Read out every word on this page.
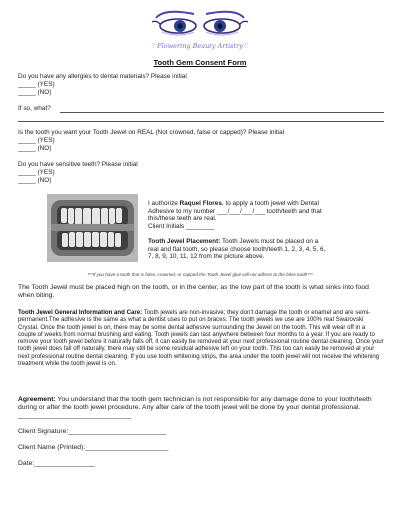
♡Flowering Beauty Artistry♡
Tooth Gem Consent Form
Do you have any allergies to dental materials? Please initial
_____ (YES)
_____ (NO)
If so, what?
Is the tooth you want your Tooth Jewel on REAL (Not crowned, false or capped)? Please initial
_____ (YES)
_____ (NO)
Do you have sensitive teeth? Please initial
_____ (YES)
_____ (NO)
I authorize Raquel Flores, to apply a tooth jewel with Dental
Adhesive to my number ___/___/___/___ tooth/teeth and that
this/these teeth are real.
Client Initials ________
Tooth Jewel Placement: Tooth Jewels must be placed on a
real and flat tooth, so please choose tooth/teeth 1, 2, 3, 4, 5, 6,
7, 8, 9, 10, 11, 12 from the picture above.
***If you have a tooth that is false, crowned, or capped the Tooth Jewel glue will not adhere to the false tooth***
The Tooth Jewel must be placed high on the tooth, or in the center, as the low part of the tooth is what sinks into food when biting.
Tooth Jewel General Information and Care: Tooth jewels are non-invasive; they don't damage the tooth or enamel and are semi-permanent.The adhesive is the same as what a dentist uses to put on braces. The tooth jewels we use are 100% real Swarovski Crystal. Once the tooth jewel is on, there may be some dental adhesive surrounding the Jewel on the tooth. This will wear off in a couple of weeks from normal brushing and eating. Tooth jewels can last anywhere between four months to a year. If you are ready to remove your tooth jewel before it naturally falls off, it can easily be removed at your next professional routine dental cleaning. Once your tooth jewel does fall off naturally, there may still be some residual adhesive left on your tooth. This too can easily be removed at your next professional routine dental cleaning. If you use tooth whitening strips, the area under the tooth jewel will not receive the whitening treatment while the tooth jewel is on.
Agreement: You understand that the tooth gem technician is not responsible for any damage done to your tooth/teeth during or after the tooth jewel procedure. Any after care of the tooth jewel will be done by your dental professional. ______________________________
Client Signature:__________________________
Client Name (Printed):______________________
Date:________________
